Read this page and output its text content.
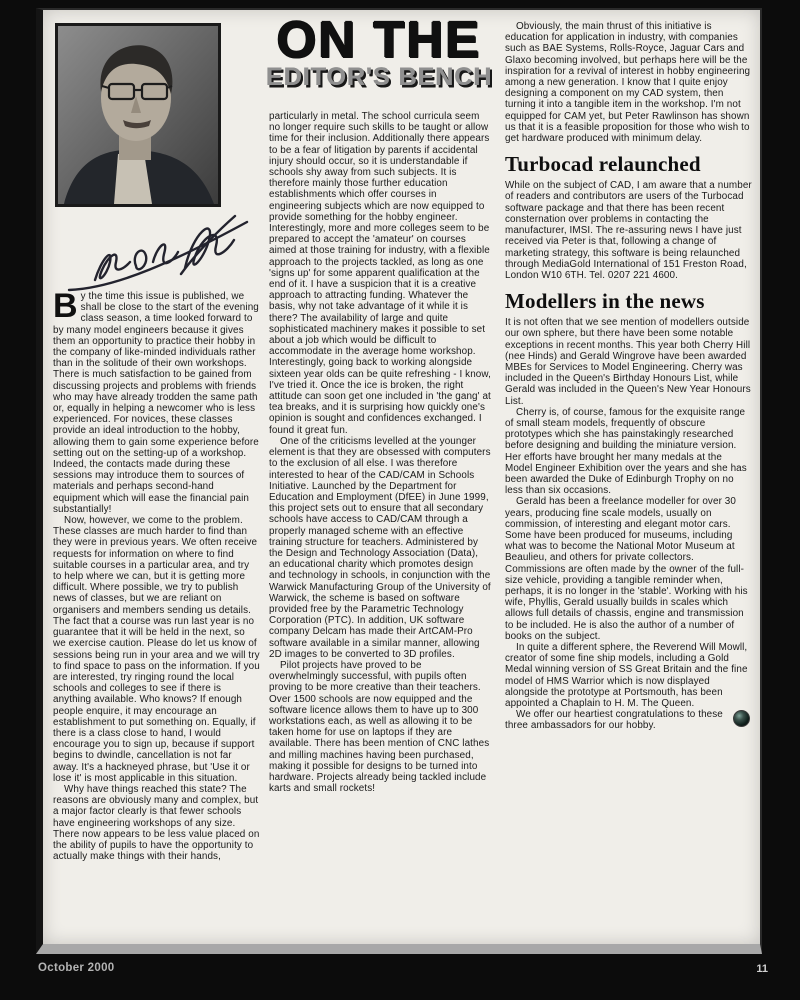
ON THE
EDITOR'S BENCH

By the time this issue is published, we shall be close to the start of the evening class season, a time looked forward to by many model engineers because it gives them an opportunity to practice their hobby in the company of like-minded individuals rather than in the solitude of their own workshops. There is much satisfaction to be gained from discussing projects and problems with friends who may have already trodden the same path or, equally in helping a newcomer who is less experienced. For novices, these classes provide an ideal introduction to the hobby, allowing them to gain some experience before setting out on the setting-up of a workshop. Indeed, the contacts made during these sessions may introduce them to sources of materials and perhaps second-hand equipment which will ease the financial pain substantially!

Now, however, we come to the problem. These classes are much harder to find than they were in previous years. We often receive requests for information on where to find suitable courses in a particular area, and try to help where we can, but it is getting more difficult. Where possible, we try to publish news of classes, but we are reliant on organisers and members sending us details. The fact that a course was run last year is no guarantee that it will be held in the next, so we exercise caution. Please do let us know of sessions being run in your area and we will try to find space to pass on the information. If you are interested, try ringing round the local schools and colleges to see if there is anything available. Who knows? If enough people enquire, it may encourage an establishment to put something on. Equally, if there is a class close to hand, I would encourage you to sign up, because if support begins to dwindle, cancellation is not far away. It's a hackneyed phrase, but 'Use it or lose it' is most applicable in this situation.

Why have things reached this state? The reasons are obviously many and complex, but a major factor clearly is that fewer schools have engineering workshops of any size. There now appears to be less value placed on the ability of pupils to have the opportunity to actually make things with their hands,

particularly in metal. The school curricula seem no longer require such skills to be taught or allow time for their inclusion. Additionally there appears to be a fear of litigation by parents if accidental injury should occur, so it is understandable if schools shy away from such subjects. It is therefore mainly those further education establishments which offer courses in engineering subjects which are now equipped to provide something for the hobby engineer. Interestingly, more and more colleges seem to be prepared to accept the 'amateur' on courses aimed at those training for industry, with a flexible approach to the projects tackled, as long as one 'signs up' for some apparent qualification at the end of it. I have a suspicion that it is a creative approach to attracting funding. Whatever the basis, why not take advantage of it while it is there? The availability of large and quite sophisticated machinery makes it possible to set about a job which would be difficult to accommodate in the average home workshop. Interestingly, going back to working alongside sixteen year olds can be quite refreshing - I know, I've tried it. Once the ice is broken, the right attitude can soon get one included in 'the gang' at tea breaks, and it is surprising how quickly one's opinion is sought and confidences exchanged. I found it great fun.

One of the criticisms levelled at the younger element is that they are obsessed with computers to the exclusion of all else. I was therefore interested to hear of the CAD/CAM in Schools Initiative. Launched by the Department for Education and Employment (DfEE) in June 1999, this project sets out to ensure that all secondary schools have access to CAD/CAM through a properly managed scheme with an effective training structure for teachers. Administered by the Design and Technology Association (Data), an educational charity which promotes design and technology in schools, in conjunction with the Warwick Manufacturing Group of the University of Warwick, the scheme is based on software provided free by the Parametric Technology Corporation (PTC). In addition, UK software company Delcam has made their ArtCAM-Pro software available in a similar manner, allowing 2D images to be converted to 3D profiles.

Pilot projects have proved to be overwhelmingly successful, with pupils often proving to be more creative than their teachers. Over 1500 schools are now equipped and the software licence allows them to have up to 300 workstations each, as well as allowing it to be taken home for use on laptops if they are available. There has been mention of CNC lathes and milling machines having been purchased, making it possible for designs to be turned into hardware. Projects already being tackled include karts and small rockets!

Obviously, the main thrust of this initiative is education for application in industry, with companies such as BAE Systems, Rolls-Royce, Jaguar Cars and Glaxo becoming involved, but perhaps here will be the inspiration for a revival of interest in hobby engineering among a new generation. I know that I quite enjoy designing a component on my CAD system, then turning it into a tangible item in the workshop. I'm not equipped for CAM yet, but Peter Rawlinson has shown us that it is a feasible proposition for those who wish to get hardware produced with minimum delay.

Turbocad relaunched

While on the subject of CAD, I am aware that a number of readers and contributors are users of the Turbocad software package and that there has been recent consternation over problems in contacting the manufacturer, IMSI. The re-assuring news I have just received via Peter is that, following a change of marketing strategy, this software is being relaunched through MediaGold International of 151 Freston Road, London W10 6TH. Tel. 0207 221 4600.

Modellers in the news

It is not often that we see mention of modellers outside our own sphere, but there have been some notable exceptions in recent months. This year both Cherry Hill (nee Hinds) and Gerald Wingrove have been awarded MBEs for Services to Model Engineering. Cherry was included in the Queen's Birthday Honours List, while Gerald was included in the Queen's New Year Honours List.

Cherry is, of course, famous for the exquisite range of small steam models, frequently of obscure prototypes which she has painstakingly researched before designing and building the miniature version. Her efforts have brought her many medals at the Model Engineer Exhibition over the years and she has been awarded the Duke of Edinburgh Trophy on no less than six occasions.

Gerald has been a freelance modeller for over 30 years, producing fine scale models, usually on commission, of interesting and elegant motor cars. Some have been produced for museums, including what was to become the National Motor Museum at Beaulieu, and others for private collectors. Commissions are often made by the owner of the full-size vehicle, providing a tangible reminder when, perhaps, it is no longer in the 'stable'. Working with his wife, Phyllis, Gerald usually builds in scales which allows full details of chassis, engine and transmission to be included. He is also the author of a number of books on the subject.

In quite a different sphere, the Reverend Will Mowll, creator of some fine ship models, including a Gold Medal winning version of SS Great Britain and the fine model of HMS Warrior which is now displayed alongside the prototype at Portsmouth, has been appointed a Chaplain to H. M. The Queen.

We offer our heartiest congratulations to these three ambassadors for our hobby.

October 2000	11
